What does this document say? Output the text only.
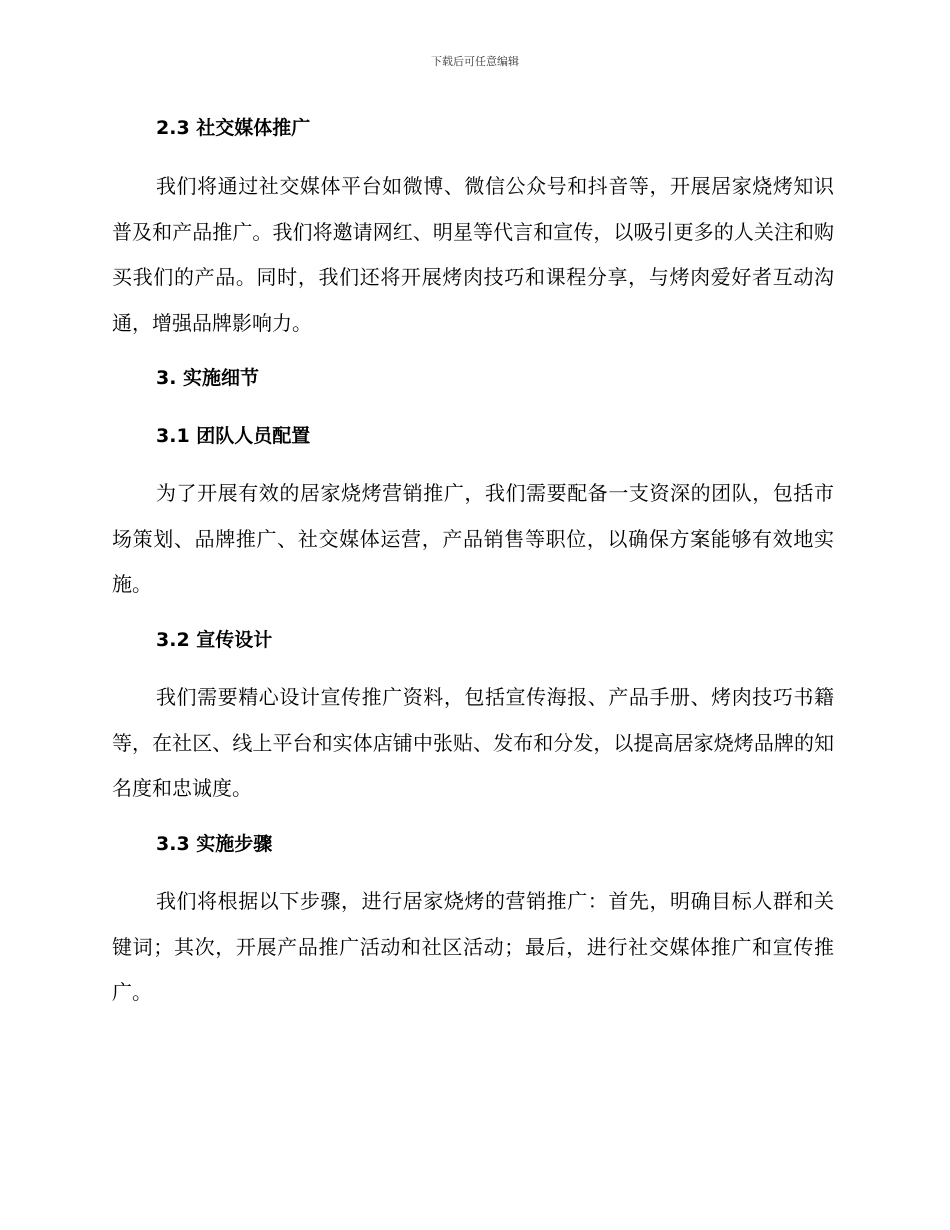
下载后可任意编辑
2.3 社交媒体推广
我们将通过社交媒体平台如微博、微信公众号和抖音等，开展居家烧烤知识普及和产品推广。我们将邀请网红、明星等代言和宣传，以吸引更多的人关注和购买我们的产品。同时，我们还将开展烤肉技巧和课程分享，与烤肉爱好者互动沟通，增强品牌影响力。
3. 实施细节
3.1 团队人员配置
为了开展有效的居家烧烤营销推广，我们需要配备一支资深的团队，包括市场策划、品牌推广、社交媒体运营，产品销售等职位，以确保方案能够有效地实施。
3.2 宣传设计
我们需要精心设计宣传推广资料，包括宣传海报、产品手册、烤肉技巧书籍等，在社区、线上平台和实体店铺中张贴、发布和分发，以提高居家烧烤品牌的知名度和忠诚度。
3.3 实施步骤
我们将根据以下步骤，进行居家烧烤的营销推广：首先，明确目标人群和关键词；其次，开展产品推广活动和社区活动；最后，进行社交媒体推广和宣传推广。
